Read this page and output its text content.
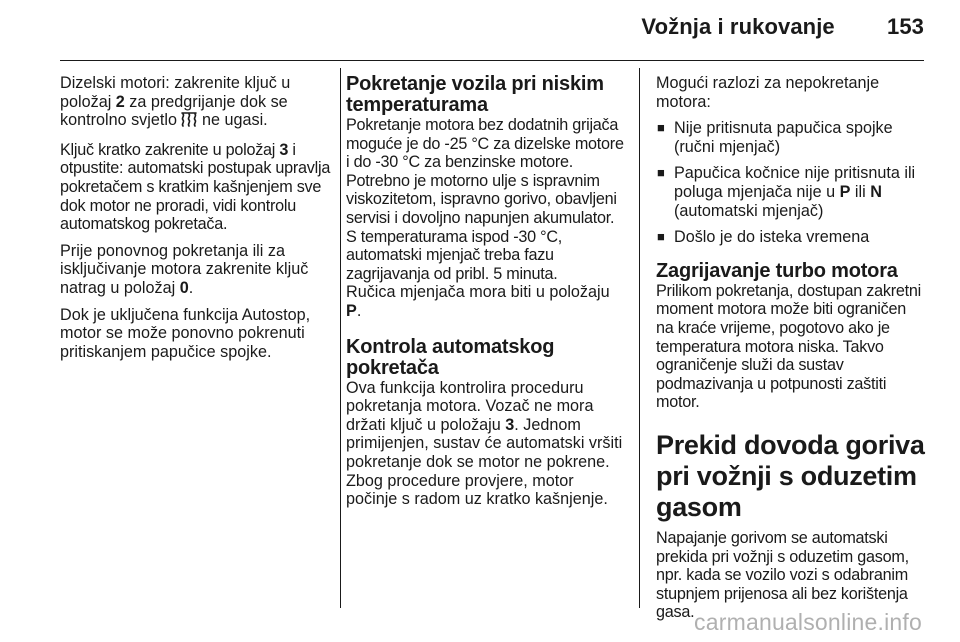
Vožnja i rukovanje 153

Dizelski motori: zakrenite ključ u položaj 2 za predgrijanje dok se kontrolno svjetlo  ne ugasi.

Ključ kratko zakrenite u položaj 3 i otpustite: automatski postupak upravlja pokretačem s kratkim kašnjenjem sve dok motor ne proradi, vidi kontrolu automatskog pokretača.

Prije ponovnog pokretanja ili za isključivanje motora zakrenite ključ natrag u položaj 0.

Dok je uključena funkcija Autostop, motor se može ponovno pokrenuti pritiskanjem papučice spojke.

Pokretanje vozila pri niskim temperaturama

Pokretanje motora bez dodatnih grijača moguće je do -25 °C za dizelske motore i do -30 °C za benzinske motore. Potrebno je motorno ulje s ispravnim viskozitetom, ispravno gorivo, obavljeni servisi i dovoljno napunjen akumulator. S temperaturama ispod -30 °C, automatski mjenjač treba fazu zagrijavanja od pribl. 5 minuta.

Ručica mjenjača mora biti u položaju P.

Kontrola automatskog pokretača

Ova funkcija kontrolira proceduru pokretanja motora. Vozač ne mora držati ključ u položaju 3. Jednom primijenjen, sustav će automatski vršiti pokretanje dok se motor ne pokrene. Zbog procedure provjere, motor počinje s radom uz kratko kašnjenje.

Mogući razlozi za nepokretanje motora:

■ Nije pritisnuta papučica spojke (ručni mjenjač)
■ Papučica kočnice nije pritisnuta ili poluga mjenjača nije u P ili N (automatski mjenjač)
■ Došlo je do isteka vremena
Zagrijavanje turbo motora

Prilikom pokretanja, dostupan zakretni moment motora može biti ograničen na kraće vrijeme, pogotovo ako je temperatura motora niska. Takvo ograničenje služi da sustav podmazivanja u potpunosti zaštiti motor.

Prekid dovoda goriva pri vožnji s oduzetim gasom

Napajanje gorivom se automatski prekida pri vožnji s oduzetim gasom, npr. kada se vozilo vozi s odabranim stupnjem prijenosa ali bez korištenja gasa. carmanualsonline.info
